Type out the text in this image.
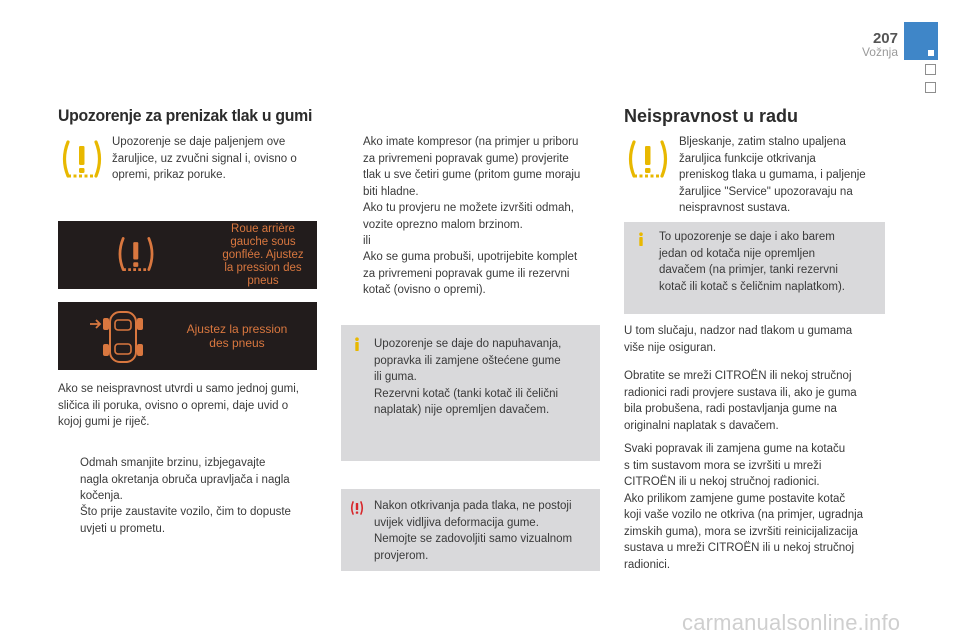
207
Vožnja
Upozorenje za prenizak tlak u gumi
Upozorenje se daje paljenjem ove
žaruljice, uz zvučni signal i, ovisno o
opremi, prikaz poruke.
Roue arrière
gauche sous
gonflée. Ajustez
la pression des
pneus
Ajustez la pression
des pneus
Ako se neispravnost utvrdi u samo jednoj gumi,
sličica ili poruka, ovisno o opremi, daje uvid o
kojoj gumi je riječ.
Odmah smanjite brzinu, izbjegavajte
nagla okretanja obruča upravljača i nagla
kočenja.
Što prije zaustavite vozilo, čim to dopuste
uvjeti u prometu.
Ako imate kompresor (na primjer u priboru
za privremeni popravak gume) provjerite
tlak u sve četiri gume (pritom gume moraju
biti hladne.
Ako tu provjeru ne možete izvršiti odmah,
vozite oprezno malom brzinom.
ili
Ako se guma probuši, upotrijebite komplet
za privremeni popravak gume ili rezervni
kotač (ovisno o opremi).
Upozorenje se daje do napuhavanja,
popravka ili zamjene oštećene gume
ili guma.
Rezervni kotač (tanki kotač ili čelični
naplatak) nije opremljen davačem.
Nakon otkrivanja pada tlaka, ne postoji
uvijek vidljiva deformacija gume.
Nemojte se zadovoljiti samo vizualnom
provjerom.
Neispravnost u radu
Bljeskanje, zatim stalno upaljena
žaruljica funkcije otkrivanja
preniskog tlaka u gumama, i paljenje
žaruljice "Service" upozoravaju na
neispravnost sustava.
To upozorenje se daje i ako barem
jedan od kotača nije opremljen
davačem (na primjer, tanki rezervni
kotač ili kotač s čeličnim naplatkom).
U tom slučaju, nadzor nad tlakom u gumama
više nije osiguran.
Obratite se mreži CITROËN ili nekoj stručnoj
radionici radi provjere sustava ili, ako je guma
bila probušena, radi postavljanja gume na
originalni naplatak s davačem.
Svaki popravak ili zamjena gume na kotaču
s tim sustavom mora se izvršiti u mreži
CITROËN ili u nekoj stručnoj radionici.
Ako prilikom zamjene gume postavite kotač
koji vaše vozilo ne otkriva (na primjer, ugradnja
zimskih guma), mora se izvršiti reinicijalizacija
sustava u mreži CITROËN ili u nekoj stručnoj
radionici.
carmanualsonline.info
